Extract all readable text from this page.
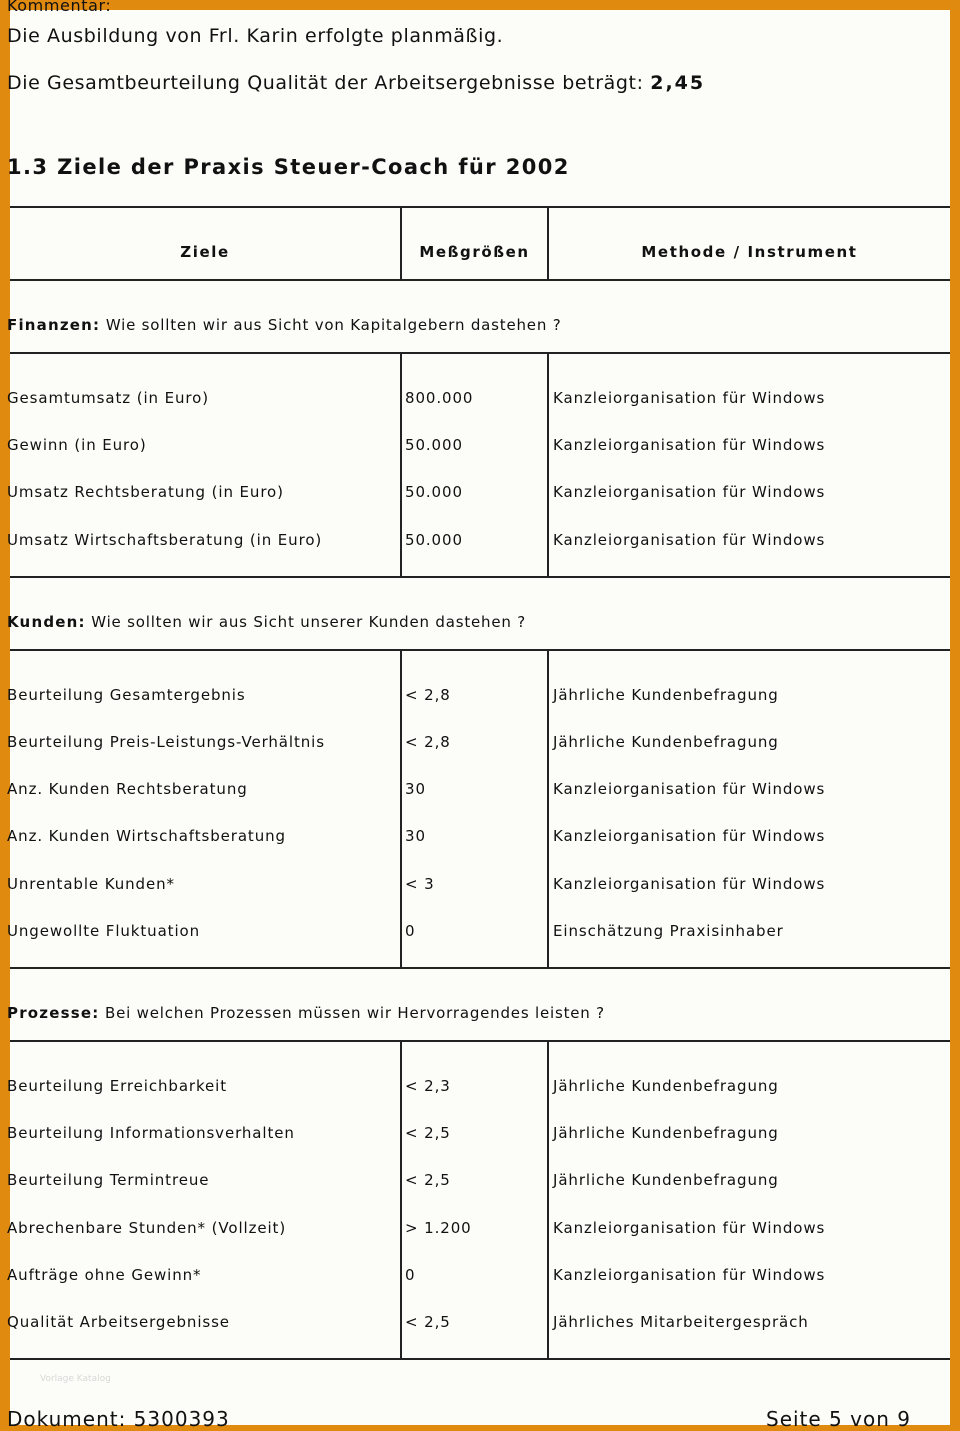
Kommentar:
Die Ausbildung von Frl. Karin erfolgte planmäßig.
Die Gesamtbeurteilung Qualität der Arbeitsergebnisse beträgt: 2,45
1.3 Ziele der Praxis Steuer-Coach für 2002
Ziele	Meßgrößen	Methode / Instrument
Finanzen: Wie sollten wir aus Sicht von Kapitalgebern dastehen ?
Gesamtumsatz (in Euro)	800.000	Kanzleiorganisation für Windows
Gewinn (in Euro)	50.000	Kanzleiorganisation für Windows
Umsatz Rechtsberatung (in Euro)	50.000	Kanzleiorganisation für Windows
Umsatz Wirtschaftsberatung (in Euro)	50.000	Kanzleiorganisation für Windows
Kunden: Wie sollten wir aus Sicht unserer Kunden dastehen ?
Beurteilung Gesamtergebnis	< 2,8	Jährliche Kundenbefragung
Beurteilung Preis-Leistungs-Verhältnis	< 2,8	Jährliche Kundenbefragung
Anz. Kunden Rechtsberatung	30	Kanzleiorganisation für Windows
Anz. Kunden Wirtschaftsberatung	30	Kanzleiorganisation für Windows
Unrentable Kunden*	< 3	Kanzleiorganisation für Windows
Ungewollte Fluktuation	0	Einschätzung Praxisinhaber
Prozesse: Bei welchen Prozessen müssen wir Hervorragendes leisten ?
Beurteilung Erreichbarkeit	< 2,3	Jährliche Kundenbefragung
Beurteilung Informationsverhalten	< 2,5	Jährliche Kundenbefragung
Beurteilung Termintreue	< 2,5	Jährliche Kundenbefragung
Abrechenbare Stunden* (Vollzeit)	> 1.200	Kanzleiorganisation für Windows
Aufträge ohne Gewinn*	0	Kanzleiorganisation für Windows
Qualität Arbeitsergebnisse	< 2,5	Jährliches Mitarbeitergespräch
Vorlage Katalog
Dokument: 5300393	Seite 5 von 9
